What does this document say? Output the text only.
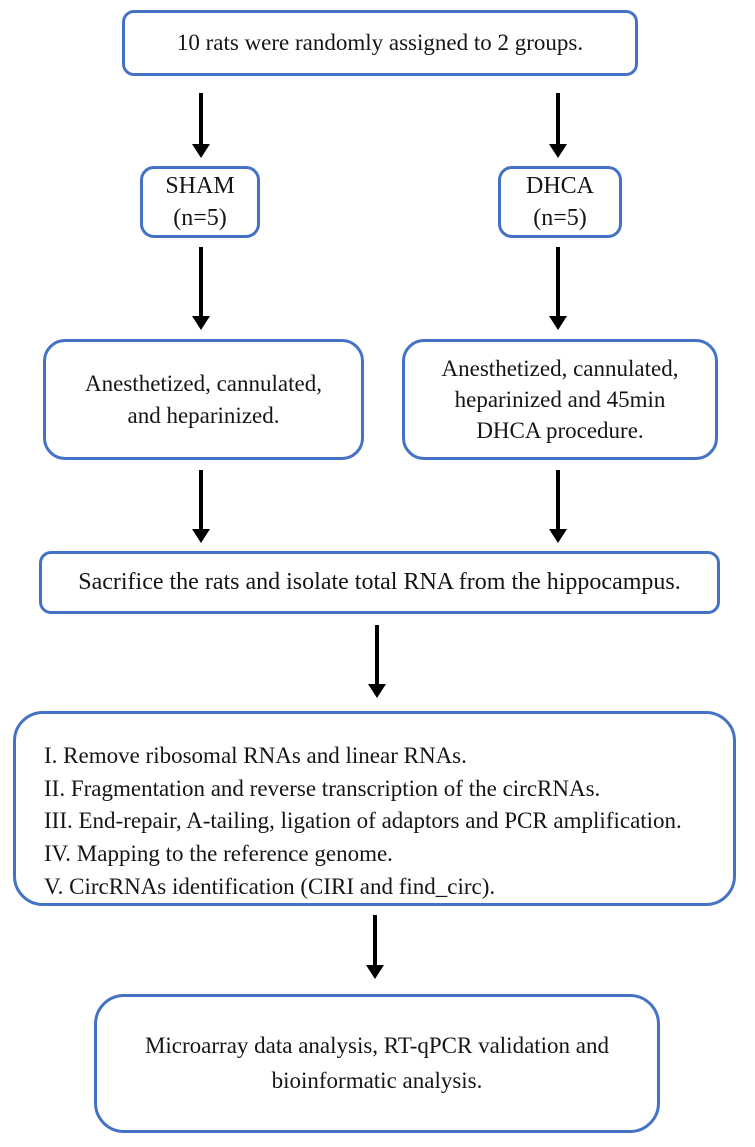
10 rats were randomly assigned to 2 groups.
SHAM
(n=5)
DHCA
(n=5)
Anesthetized, cannulated,
and heparinized.
Anesthetized, cannulated,
heparinized and 45min
DHCA procedure.
Sacrifice the rats and isolate total RNA from the hippocampus.
I. Remove ribosomal RNAs and linear RNAs.
II. Fragmentation and reverse transcription of the circRNAs.
III. End-repair, A-tailing, ligation of adaptors and PCR amplification.
IV. Mapping to the reference genome.
V. CircRNAs identification (CIRI and find_circ).
Microarray data analysis, RT-qPCR validation and
bioinformatic analysis.
